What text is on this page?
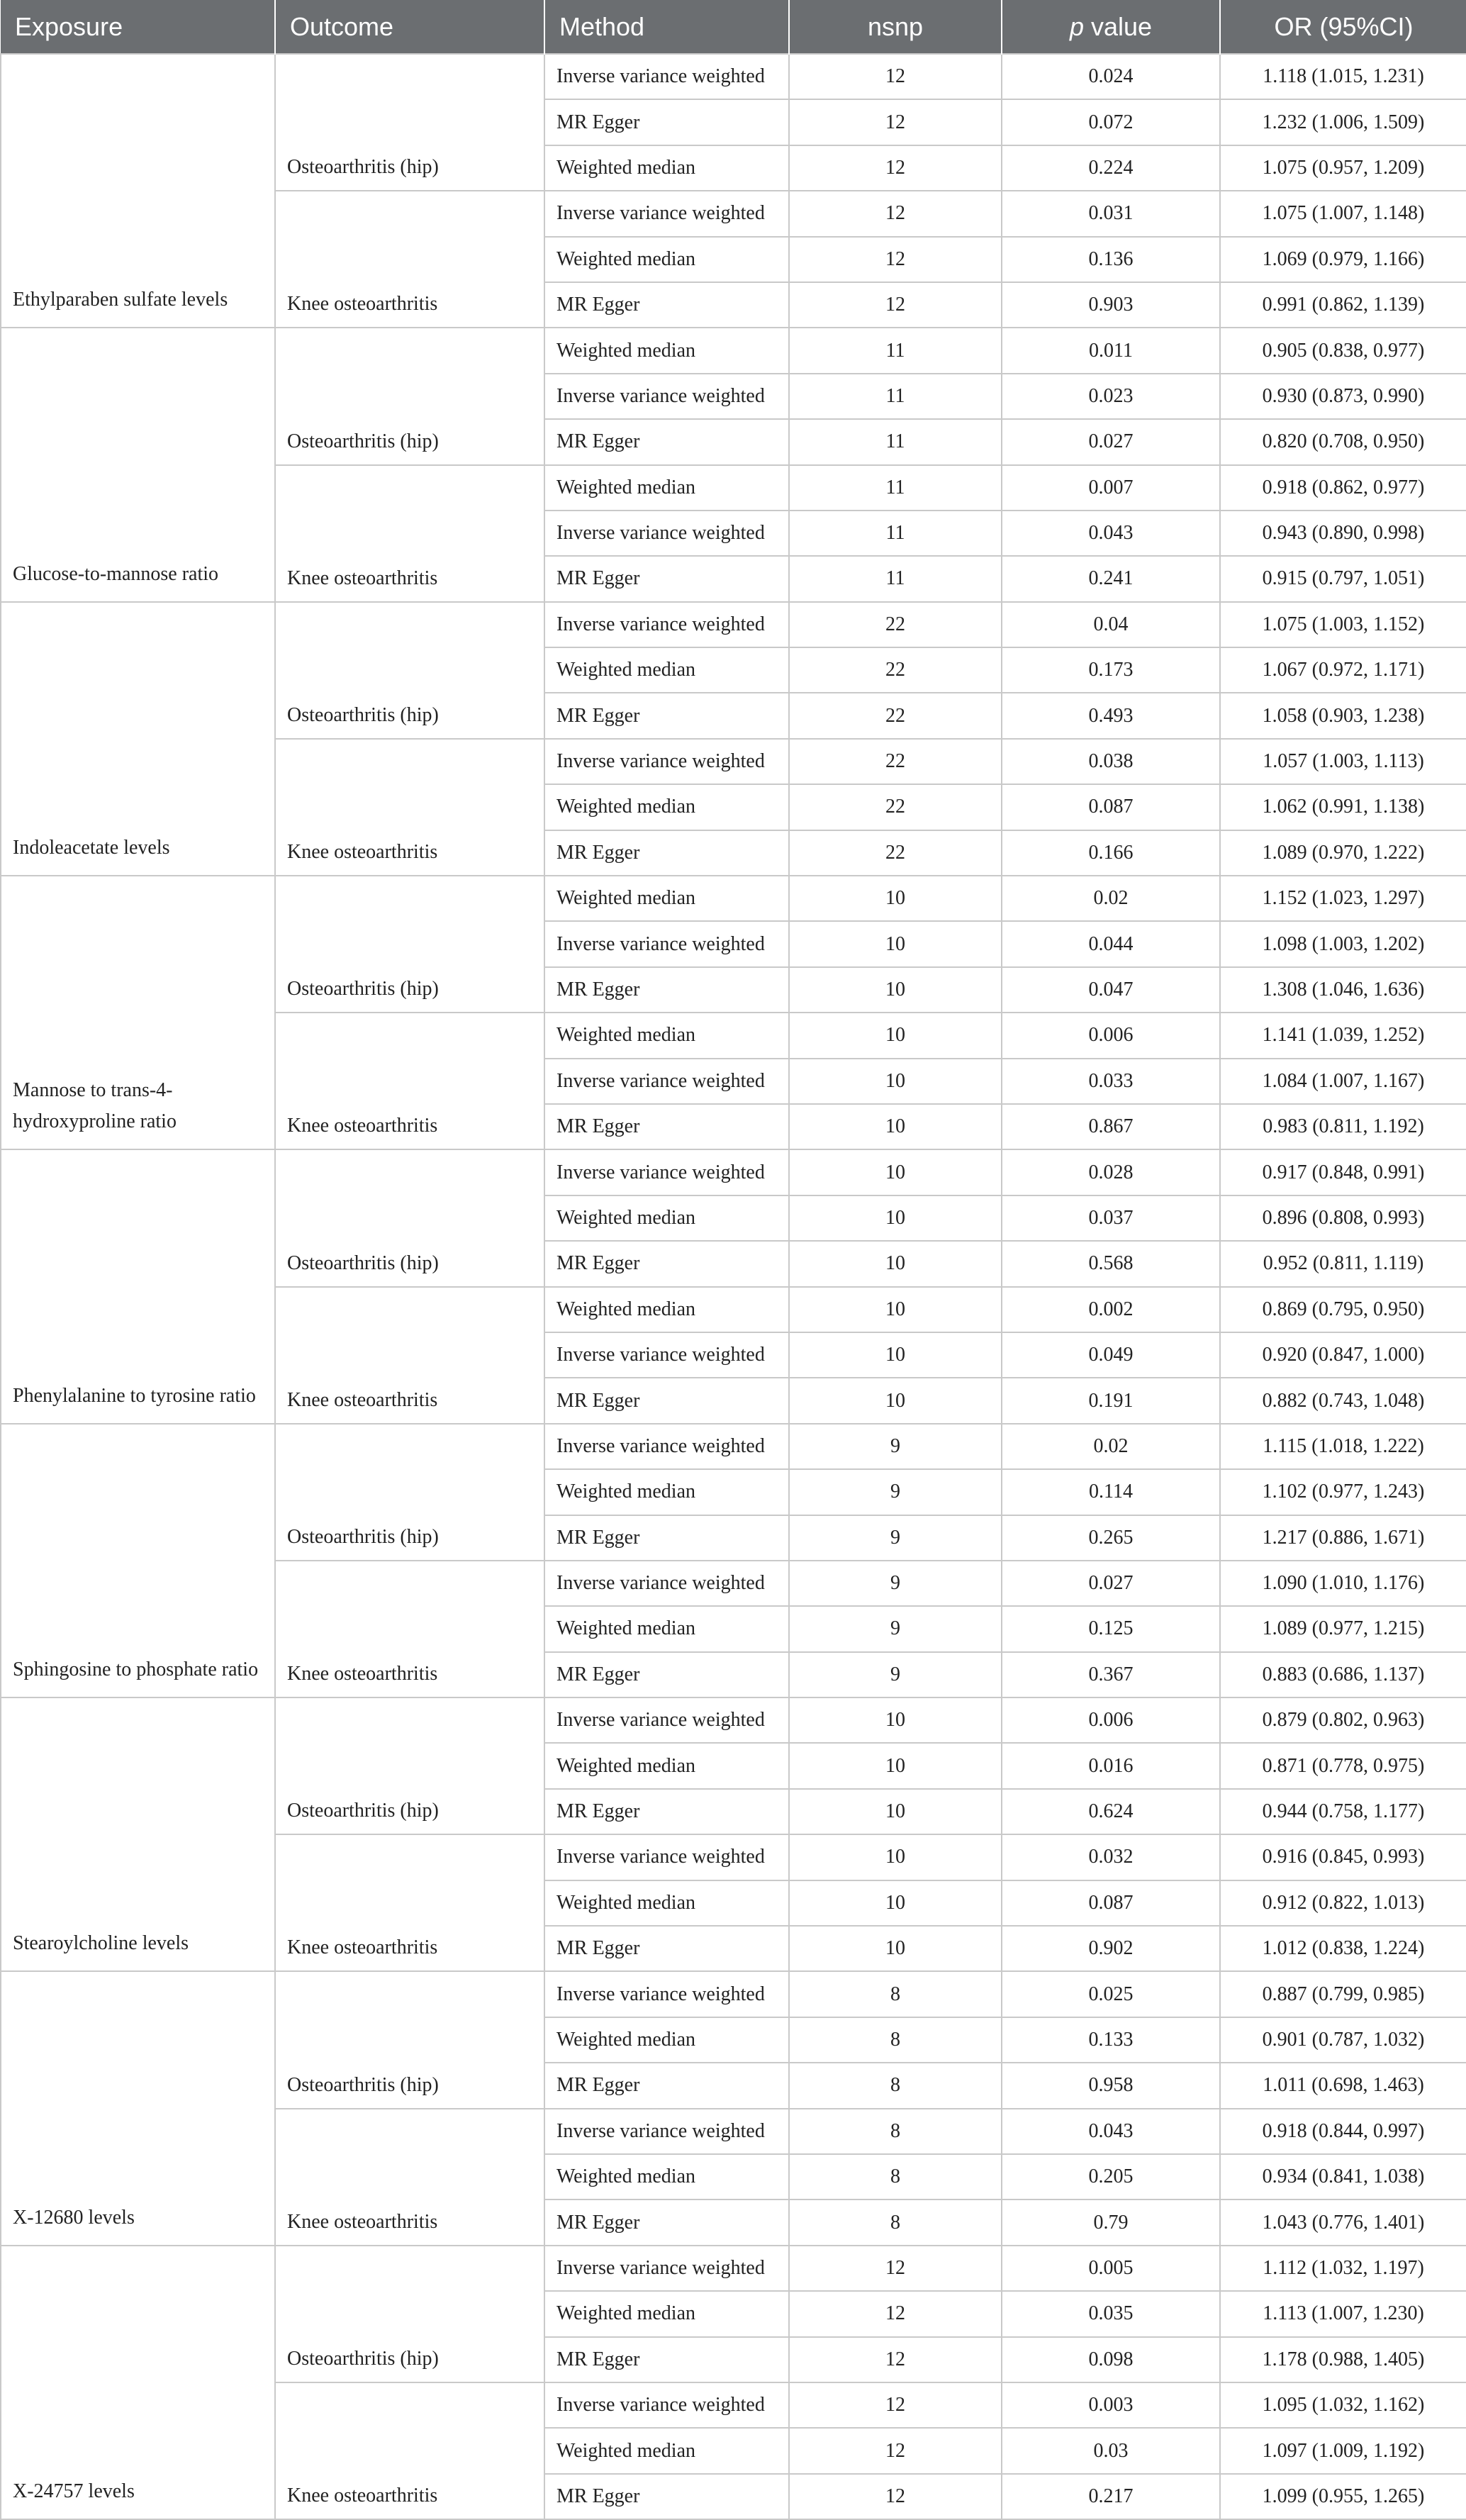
Exposure	Outcome	Method	nsnp	p value	OR (95%CI)
Ethylparaben sulfate levels	Osteoarthritis (hip)	Inverse variance weighted	12	0.024	1.118 (1.015, 1.231)
		MR Egger	12	0.072	1.232 (1.006, 1.509)
		Weighted median	12	0.224	1.075 (0.957, 1.209)
	Knee osteoarthritis	Inverse variance weighted	12	0.031	1.075 (1.007, 1.148)
		Weighted median	12	0.136	1.069 (0.979, 1.166)
		MR Egger	12	0.903	0.991 (0.862, 1.139)
Glucose-to-mannose ratio	Osteoarthritis (hip)	Weighted median	11	0.011	0.905 (0.838, 0.977)
		Inverse variance weighted	11	0.023	0.930 (0.873, 0.990)
		MR Egger	11	0.027	0.820 (0.708, 0.950)
	Knee osteoarthritis	Weighted median	11	0.007	0.918 (0.862, 0.977)
		Inverse variance weighted	11	0.043	0.943 (0.890, 0.998)
		MR Egger	11	0.241	0.915 (0.797, 1.051)
Indoleacetate levels	Osteoarthritis (hip)	Inverse variance weighted	22	0.04	1.075 (1.003, 1.152)
		Weighted median	22	0.173	1.067 (0.972, 1.171)
		MR Egger	22	0.493	1.058 (0.903, 1.238)
	Knee osteoarthritis	Inverse variance weighted	22	0.038	1.057 (1.003, 1.113)
		Weighted median	22	0.087	1.062 (0.991, 1.138)
		MR Egger	22	0.166	1.089 (0.970, 1.222)
Mannose to trans-4-hydroxyproline ratio	Osteoarthritis (hip)	Weighted median	10	0.02	1.152 (1.023, 1.297)
		Inverse variance weighted	10	0.044	1.098 (1.003, 1.202)
		MR Egger	10	0.047	1.308 (1.046, 1.636)
	Knee osteoarthritis	Weighted median	10	0.006	1.141 (1.039, 1.252)
		Inverse variance weighted	10	0.033	1.084 (1.007, 1.167)
		MR Egger	10	0.867	0.983 (0.811, 1.192)
Phenylalanine to tyrosine ratio	Osteoarthritis (hip)	Inverse variance weighted	10	0.028	0.917 (0.848, 0.991)
		Weighted median	10	0.037	0.896 (0.808, 0.993)
		MR Egger	10	0.568	0.952 (0.811, 1.119)
	Knee osteoarthritis	Weighted median	10	0.002	0.869 (0.795, 0.950)
		Inverse variance weighted	10	0.049	0.920 (0.847, 1.000)
		MR Egger	10	0.191	0.882 (0.743, 1.048)
Sphingosine to phosphate ratio	Osteoarthritis (hip)	Inverse variance weighted	9	0.02	1.115 (1.018, 1.222)
		Weighted median	9	0.114	1.102 (0.977, 1.243)
		MR Egger	9	0.265	1.217 (0.886, 1.671)
	Knee osteoarthritis	Inverse variance weighted	9	0.027	1.090 (1.010, 1.176)
		Weighted median	9	0.125	1.089 (0.977, 1.215)
		MR Egger	9	0.367	0.883 (0.686, 1.137)
Stearoylcholine levels	Osteoarthritis (hip)	Inverse variance weighted	10	0.006	0.879 (0.802, 0.963)
		Weighted median	10	0.016	0.871 (0.778, 0.975)
		MR Egger	10	0.624	0.944 (0.758, 1.177)
	Knee osteoarthritis	Inverse variance weighted	10	0.032	0.916 (0.845, 0.993)
		Weighted median	10	0.087	0.912 (0.822, 1.013)
		MR Egger	10	0.902	1.012 (0.838, 1.224)
X-12680 levels	Osteoarthritis (hip)	Inverse variance weighted	8	0.025	0.887 (0.799, 0.985)
		Weighted median	8	0.133	0.901 (0.787, 1.032)
		MR Egger	8	0.958	1.011 (0.698, 1.463)
	Knee osteoarthritis	Inverse variance weighted	8	0.043	0.918 (0.844, 0.997)
		Weighted median	8	0.205	0.934 (0.841, 1.038)
		MR Egger	8	0.79	1.043 (0.776, 1.401)
X-24757 levels	Osteoarthritis (hip)	Inverse variance weighted	12	0.005	1.112 (1.032, 1.197)
		Weighted median	12	0.035	1.113 (1.007, 1.230)
		MR Egger	12	0.098	1.178 (0.988, 1.405)
	Knee osteoarthritis	Inverse variance weighted	12	0.003	1.095 (1.032, 1.162)
		Weighted median	12	0.03	1.097 (1.009, 1.192)
		MR Egger	12	0.217	1.099 (0.955, 1.265)
